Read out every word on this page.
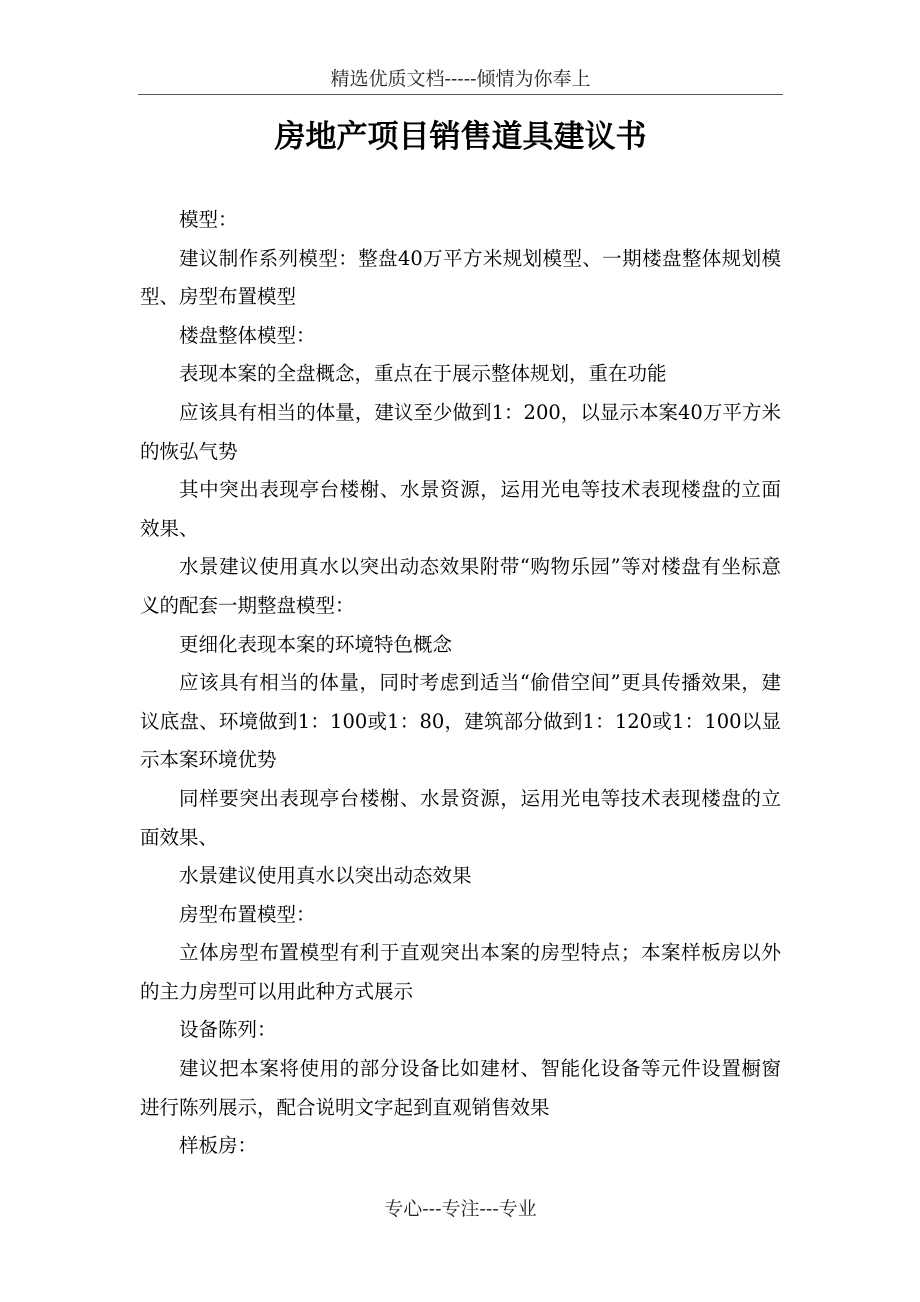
精选优质文档-----倾情为你奉上
房地产项目销售道具建议书

模型：

建议制作系列模型：整盘40万平方米规划模型、一期楼盘整体规划模型、房型布置模型

楼盘整体模型：

表现本案的全盘概念，重点在于展示整体规划，重在功能

应该具有相当的体量，建议至少做到1：200，以显示本案40万平方米的恢弘气势

其中突出表现亭台楼榭、水景资源，运用光电等技术表现楼盘的立面效果、

水景建议使用真水以突出动态效果附带“购物乐园”等对楼盘有坐标意义的配套一期整盘模型：

更细化表现本案的环境特色概念

应该具有相当的体量，同时考虑到适当“偷借空间”更具传播效果，建议底盘、环境做到1：100或1：80，建筑部分做到1：120或1：100以显示本案环境优势

同样要突出表现亭台楼榭、水景资源，运用光电等技术表现楼盘的立面效果、

水景建议使用真水以突出动态效果

房型布置模型：

立体房型布置模型有利于直观突出本案的房型特点；本案样板房以外的主力房型可以用此种方式展示

设备陈列：

建议把本案将使用的部分设备比如建材、智能化设备等元件设置橱窗进行陈列展示，配合说明文字起到直观销售效果

样板房：

专心---专注---专业
